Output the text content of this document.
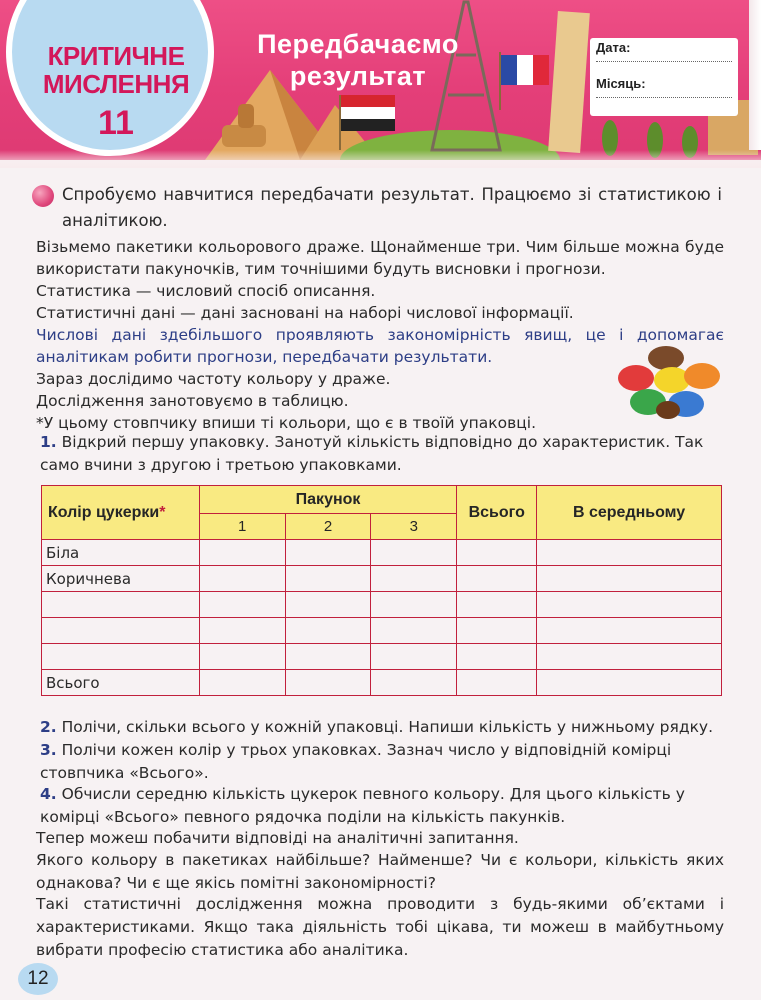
КРИТИЧНЕ
МИСЛЕННЯ
11
Передбачаємо
результат
Дата:
Місяць:
Спробуємо навчитися передбачати результат. Працюємо зі статистикою і аналітикою.
Візьмемо пакетики кольорового драже. Щонайменше три. Чим більше можна буде використати пакуночків, тим точнішими будуть висновки і прогнози.
Статистика — числовий спосіб описання.
Статистичні дані — дані засновані на наборі числової інформації.
Числові дані здебільшого проявляють закономірність явищ, це і допомагає аналітикам робити прогнози, передбачати результати.
Зараз дослідимо частоту кольору у драже.
Дослідження занотовуємо в таблицю.
*У цьому стовпчику впиши ті кольори, що є в твоїй упаковці.
1. Відкрий першу упаковку. Занотуй кількість відповідно до характеристик. Так само вчини з другою і третьою упаковками.
Колір цукерки*	Пакунок			Всього	В середньому
	1	2	3		
Біла					
Коричнева					

Всього					
2. Полічи, скільки всього у кожній упаковці. Напиши кількість у нижньому рядку.
3. Полічи кожен колір у трьох упаковках. Зазнач число у відповідній комірці стовпчика «Всього».
4. Обчисли середню кількість цукерок певного кольору. Для цього кількість у комірці «Всього» певного рядочка поділи на кількість пакунків.
Тепер можеш побачити відповіді на аналітичні запитання.
Якого кольору в пакетиках найбільше? Найменше? Чи є кольори, кількість яких однакова? Чи є ще якісь помітні закономірності?
Такі статистичні дослідження можна проводити з будь-якими об’єктами і характеристиками. Якщо така діяльність тобі цікава, ти можеш в майбутньому вибрати професію статистика або аналітика.
12
